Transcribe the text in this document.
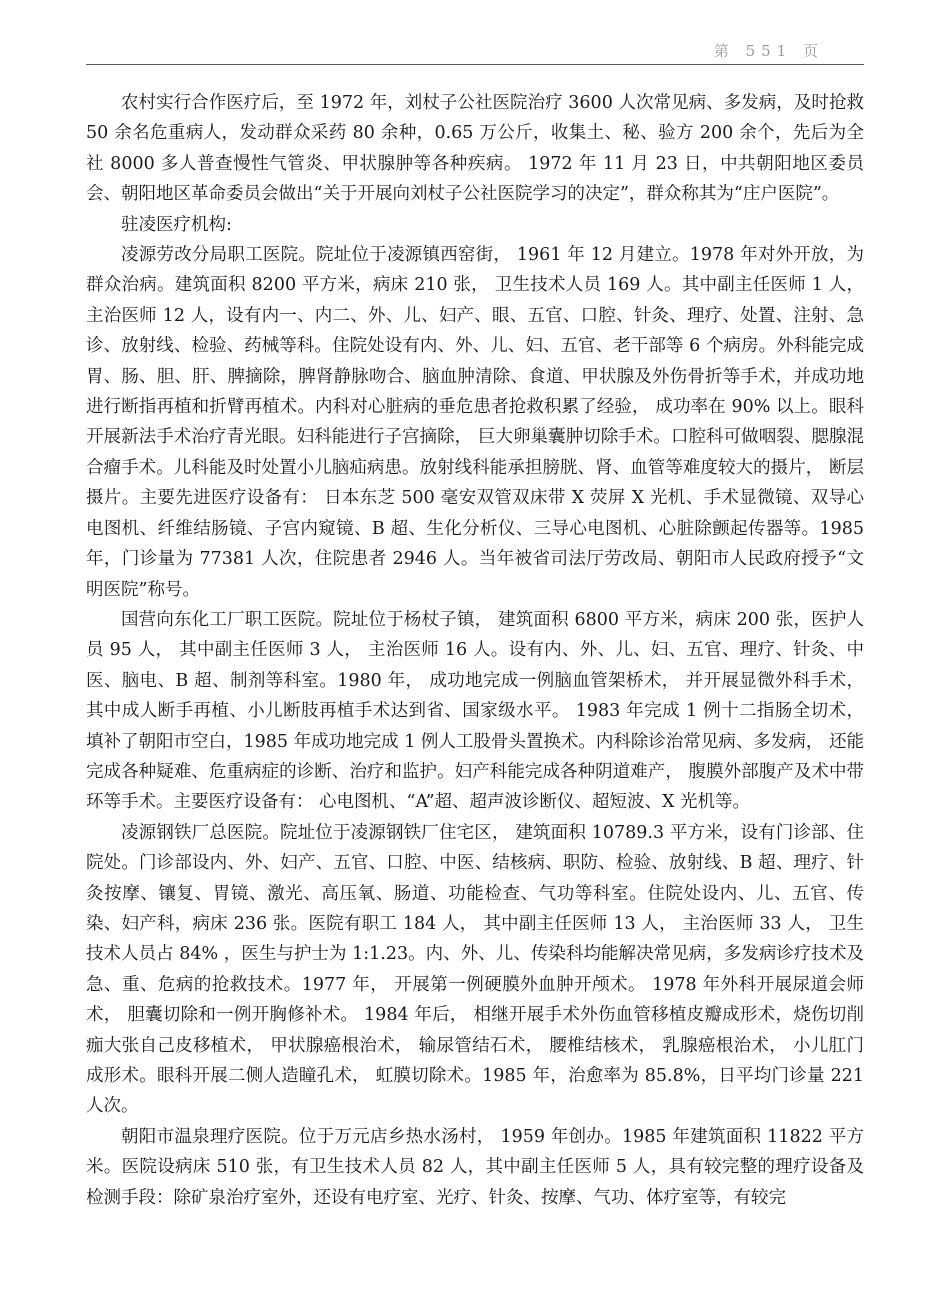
第 551 页

农村实行合作医疗后，至 1972 年，刘杖子公社医院治疗 3600 人次常见病、多发病，及时抢救 50 余名危重病人，发动群众采药 80 余种，0.65 万公斤，收集土、秘、验方 200 余个，先后为全社 8000 多人普查慢性气管炎、甲状腺肿等各种疾病。 1972 年 11 月 23 日，中共朝阳地区委员会、朝阳地区革命委员会做出“关于开展向刘杖子公社医院学习的决定”，群众称其为“庄户医院”。

驻凌医疗机构:

凌源劳改分局职工医院。院址位于凌源镇西窑街， 1961 年 12 月建立。1978 年对外开放，为群众治病。建筑面积 8200 平方米，病床 210 张， 卫生技术人员 169 人。其中副主任医师 1 人，主治医师 12 人，设有内一、内二、外、儿、妇产、眼、五官、口腔、针灸、理疗、处置、注射、急诊、放射线、检验、药械等科。住院处设有内、外、儿、妇、五官、老干部等 6 个病房。外科能完成胃、肠、胆、肝、脾摘除，脾肾静脉吻合、脑血肿清除、食道、甲状腺及外伤骨折等手术，并成功地进行断指再植和折臂再植术。内科对心脏病的垂危患者抢救积累了经验， 成功率在 90% 以上。眼科开展新法手术治疗青光眼。妇科能进行子宫摘除， 巨大卵巢囊肿切除手术。口腔科可做咽裂、腮腺混合瘤手术。儿科能及时处置小儿脑疝病患。放射线科能承担膀胱、肾、血管等难度较大的摄片， 断层摄片。主要先进医疗设备有： 日本东芝 500 毫安双管双床带 X 荧屏 X 光机、手术显微镜、双导心电图机、纤维结肠镜、子宫内窥镜、B 超、生化分析仪、三导心电图机、心脏除颤起传器等。1985 年，门诊量为 77381 人次，住院患者 2946 人。当年被省司法厅劳改局、朝阳市人民政府授予“文明医院”称号。

国营向东化工厂职工医院。院址位于杨杖子镇， 建筑面积 6800 平方米，病床 200 张，医护人员 95 人， 其中副主任医师 3 人， 主治医师 16 人。设有内、外、儿、妇、五官、理疗、针灸、中医、脑电、B 超、制剂等科室。1980 年， 成功地完成一例脑血管架桥术， 并开展显微外科手术，其中成人断手再植、小儿断肢再植手术达到省、国家级水平。 1983 年完成 1 例十二指肠全切术， 填补了朝阳市空白，1985 年成功地完成 1 例人工股骨头置换术。内科除诊治常见病、多发病， 还能完成各种疑难、危重病症的诊断、治疗和监护。妇产科能完成各种阴道难产， 腹膜外部腹产及术中带环等手术。主要医疗设备有： 心电图机、“A”超、超声波诊断仪、超短波、X 光机等。

凌源钢铁厂总医院。院址位于凌源钢铁厂住宅区， 建筑面积 10789.3 平方米，设有门诊部、住院处。门诊部设内、外、妇产、五官、口腔、中医、结核病、职防、检验、放射线、B 超、理疗、针灸按摩、镶复、胃镜、激光、高压氧、肠道、功能检查、气功等科室。住院处设内、儿、五官、传染、妇产科，病床 236 张。医院有职工 184 人， 其中副主任医师 13 人， 主治医师 33 人， 卫生技术人员占 84% ，医生与护士为 1:1.23。内、外、儿、传染科均能解决常见病，多发病诊疗技术及急、重、危病的抢救技术。1977 年， 开展第一例硬膜外血肿开颅术。 1978 年外科开展尿道会师术， 胆囊切除和一例开胸修补术。 1984 年后， 相继开展手术外伤血管移植皮瓣成形术，烧伤切削痂大张自己皮移植术， 甲状腺癌根治术， 输尿管结石术， 腰椎结核术， 乳腺癌根治术， 小儿肛门成形术。眼科开展二侧人造瞳孔术， 虹膜切除术。1985 年，治愈率为 85.8%，日平均门诊量 221 人次。

朝阳市温泉理疗医院。位于万元店乡热水汤村， 1959 年创办。1985 年建筑面积 11822 平方米。医院设病床 510 张，有卫生技术人员 82 人，其中副主任医师 5 人，具有较完整的理疗设备及检测手段：除矿泉治疗室外，还设有电疗室、光疗、针灸、按摩、气功、体疗室等，有较完
